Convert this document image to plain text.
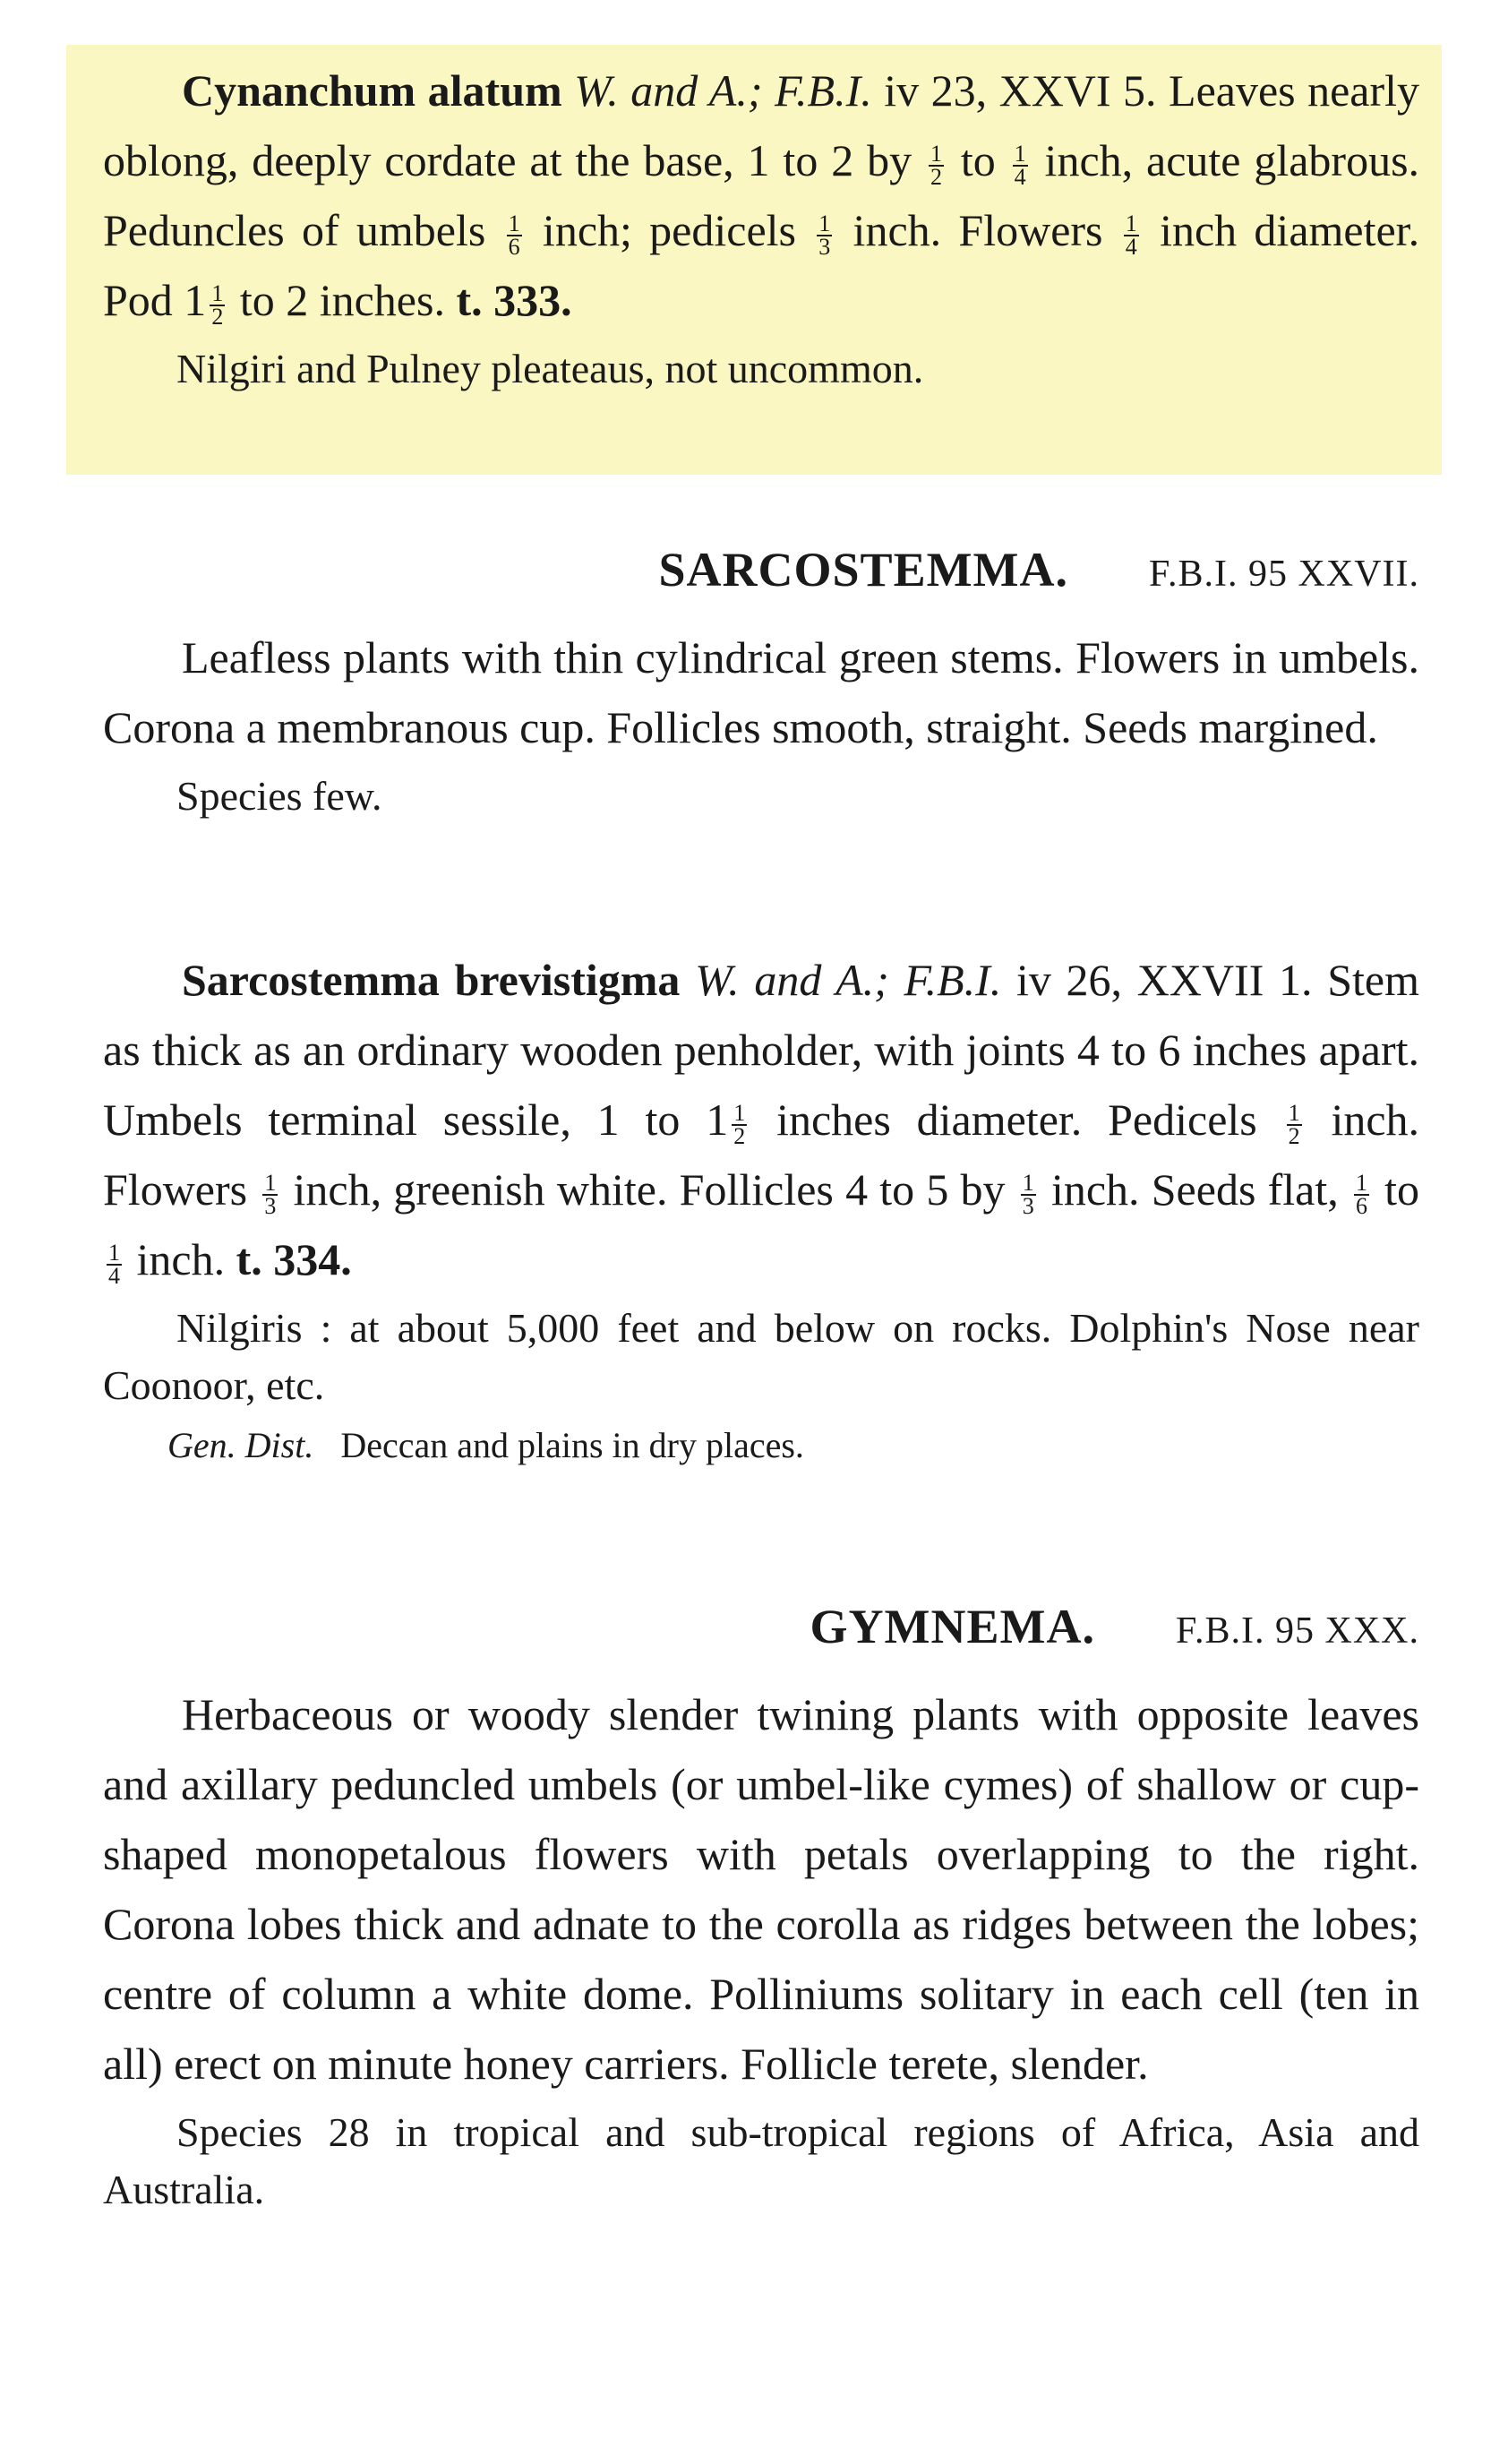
Cynanchum alatum W. and A.; F.B.I. iv 23, XXVI 5. Leaves nearly oblong, deeply cordate at the base, 1 to 2 by $\frac{1}{2}$ to $\frac{1}{4}$ inch, acute glabrous. Peduncles of umbels $\frac{1}{6}$ inch; pedicels $\frac{1}{3}$ inch. Flowers $\frac{1}{4}$ inch diameter. Pod $1 \frac{1}{2}$ to 2 inches. t. 333.

Nilgiri and Pulney pleateaus, not uncommon.

SARCOSTEMMA. F.B.I. 95 XXVII.

Leafless plants with thin cylindrical green stems. Flowers in umbels. Corona a membranous cup. Follicles smooth, straight. Seeds margined.

Species few.

Sarcostemma brevistigma W. and A.; F.B.I. iv 26, XXVII 1. Stem as thick as an ordinary wooden penholder, with joints 4 to 6 inches apart. Umbels terminal sessile, 1 to $1 \frac{1}{2}$ inches diameter. Pedicels $\frac{1}{2}$ inch. Flowers $\frac{1}{3}$ inch, greenish white. Follicles 4 to 5 by $\frac{1}{3}$ inch. Seeds flat, $\frac{1}{6}$ to
$\frac{1}{4}$ inch. t. 334.

Nilgiris : at about 5,000 feet and below on rocks. Dolphin's Nose near Coonoor, etc.

Gen. Dist. Deccan and plains in dry places.

GYMNEMA. F.B.I. 95 XXX.

Herbaceous or woody slender twining plants with opposite leaves and axillary peduncled umbels (or umbel-like cymes) of shallow or cup-shaped monopetalous flowers with petals overlapping to the right. Corona lobes thick and adnate to the corolla as ridges between the lobes; centre of column a white dome. Polliniums solitary in each cell (ten in all) erect on minute honey carriers. Follicle terete, slender.

Species 28 in tropical and sub-tropical regions of Africa, Asia and Australia.
